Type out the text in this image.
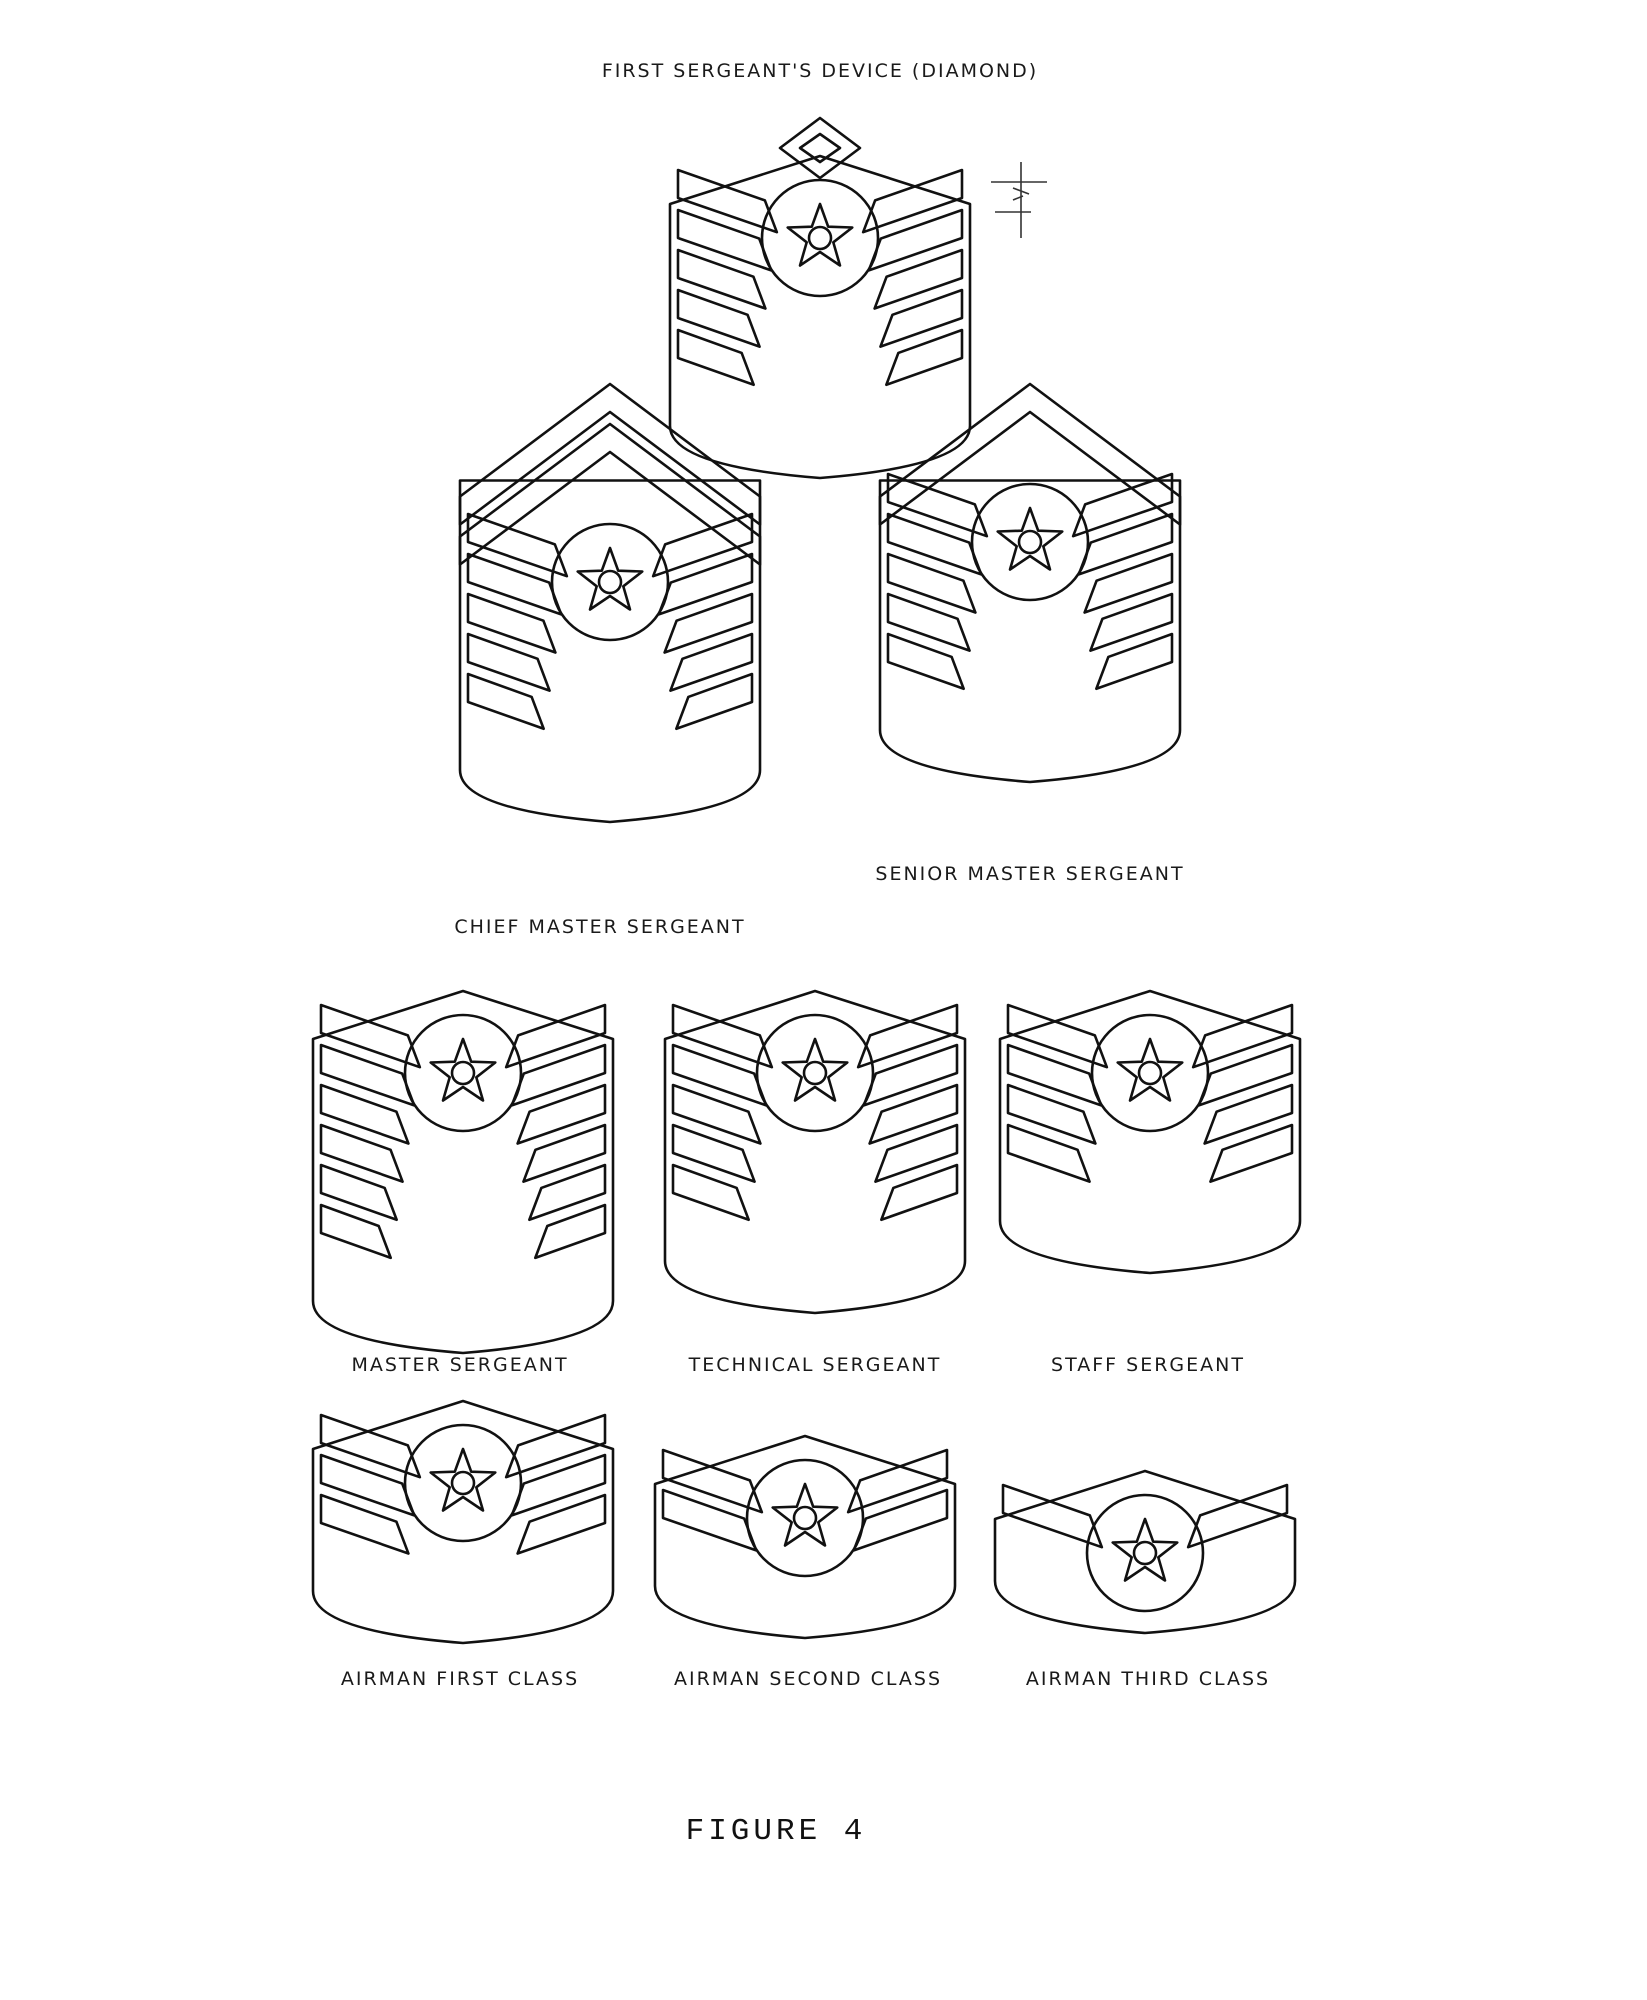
FIRST SERGEANT'S DEVICE (DIAMOND)
CHIEF MASTER SERGEANT
SENIOR MASTER SERGEANT
MASTER SERGEANT	TECHNICAL SERGEANT	STAFF SERGEANT
AIRMAN FIRST CLASS	AIRMAN SECOND CLASS	AIRMAN THIRD CLASS
FIGURE 4
